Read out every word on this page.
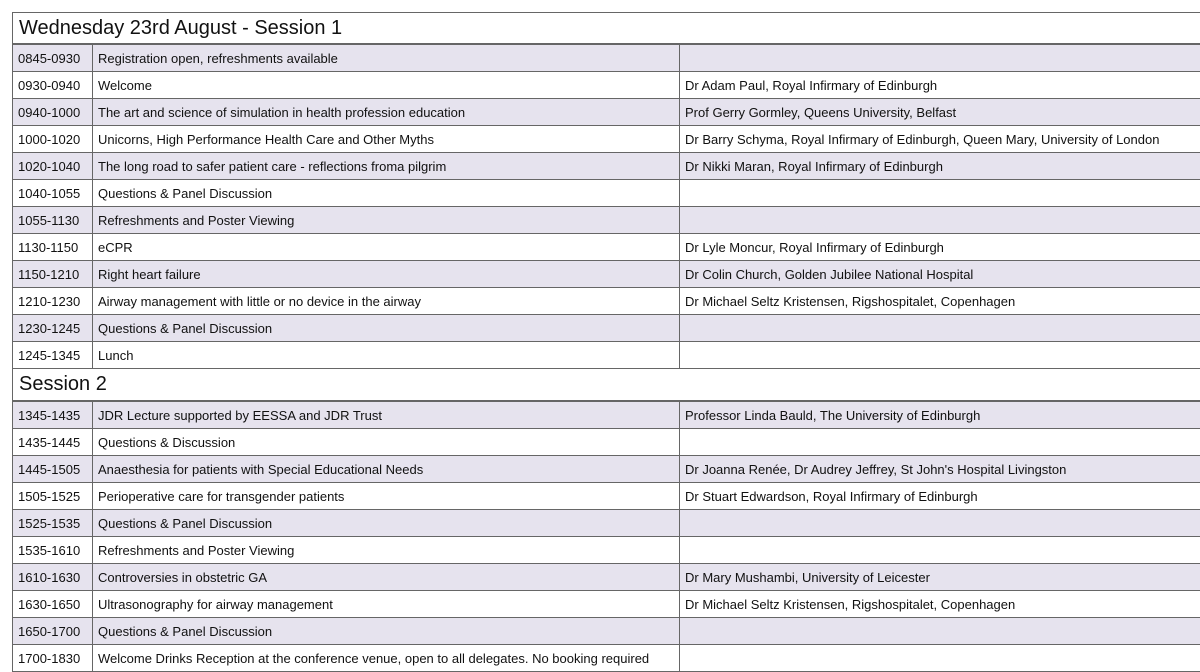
Wednesday 23rd August - Session 1
0845-0930	Registration open, refreshments available	
0930-0940	Welcome	Dr Adam Paul, Royal Infirmary of Edinburgh
0940-1000	The art and science of simulation in health profession education	Prof Gerry Gormley, Queens University, Belfast
1000-1020	Unicorns, High Performance Health Care and Other Myths	Dr Barry Schyma, Royal Infirmary of Edinburgh, Queen Mary, University of London
1020-1040	The long road to safer patient care - reflections froma pilgrim	Dr Nikki Maran, Royal Infirmary of Edinburgh
1040-1055	Questions & Panel Discussion	
1055-1130	Refreshments and Poster Viewing	
1130-1150	eCPR	Dr Lyle Moncur, Royal Infirmary of Edinburgh
1150-1210	Right heart failure	Dr Colin Church, Golden Jubilee National Hospital
1210-1230	Airway management with little or no device in the airway	Dr Michael Seltz Kristensen, Rigshospitalet, Copenhagen
1230-1245	Questions & Panel Discussion	
1245-1345	Lunch	
Session 2
1345-1435	JDR Lecture supported by EESSA and JDR Trust	Professor Linda Bauld, The University of Edinburgh
1435-1445	Questions & Discussion	
1445-1505	Anaesthesia for patients with Special Educational Needs	Dr Joanna Renée, Dr Audrey Jeffrey, St John's Hospital Livingston
1505-1525	Perioperative care for transgender patients	Dr Stuart Edwardson, Royal Infirmary of Edinburgh
1525-1535	Questions & Panel Discussion	
1535-1610	Refreshments and Poster Viewing	
1610-1630	Controversies in obstetric GA	Dr Mary Mushambi, University of Leicester
1630-1650	Ultrasonography for airway management	Dr Michael Seltz Kristensen, Rigshospitalet, Copenhagen
1650-1700	Questions & Panel Discussion	
1700-1830	Welcome Drinks Reception at the conference venue, open to all delegates. No booking required	
